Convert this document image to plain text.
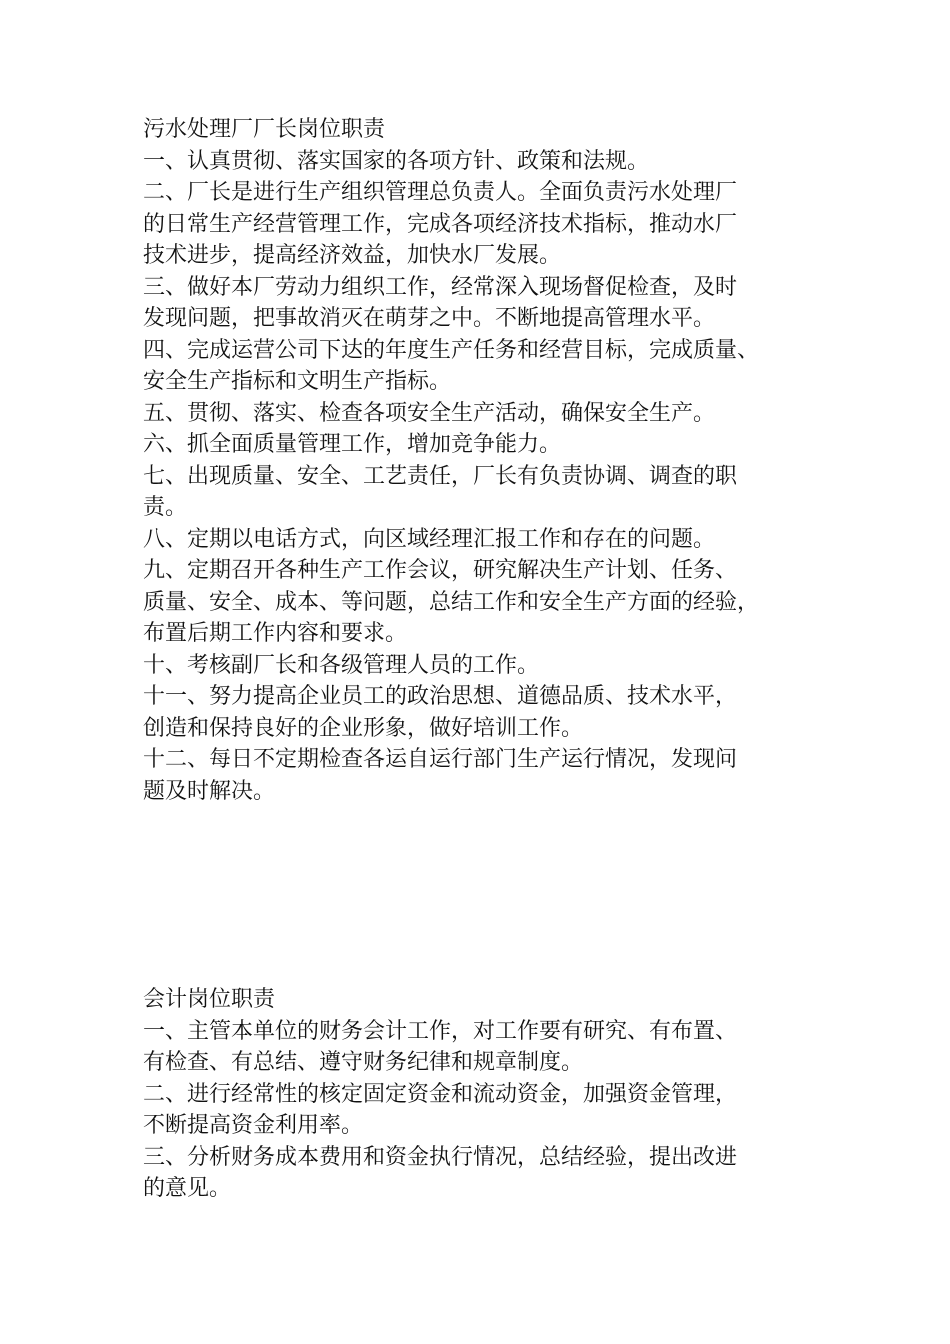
污水处理厂厂长岗位职责
一、认真贯彻、落实国家的各项方针、政策和法规。
二、厂长是进行生产组织管理总负责人。全面负责污水处理厂
的日常生产经营管理工作，完成各项经济技术指标，推动水厂
技术进步，提高经济效益，加快水厂发展。
三、做好本厂劳动力组织工作，经常深入现场督促检查，及时
发现问题，把事故消灭在萌芽之中。不断地提高管理水平。
四、完成运营公司下达的年度生产任务和经营目标，完成质量、
安全生产指标和文明生产指标。
五、贯彻、落实、检查各项安全生产活动，确保安全生产。
六、抓全面质量管理工作，增加竞争能力。
七、出现质量、安全、工艺责任，厂长有负责协调、调查的职
责。
八、定期以电话方式，向区域经理汇报工作和存在的问题。
九、定期召开各种生产工作会议，研究解决生产计划、任务、
质量、安全、成本、等问题，总结工作和安全生产方面的经验，
布置后期工作内容和要求。
十、考核副厂长和各级管理人员的工作。
十一、努力提高企业员工的政治思想、道德品质、技术水平，
创造和保持良好的企业形象，做好培训工作。
十二、每日不定期检查各运自运行部门生产运行情况，发现问
题及时解决。
会计岗位职责
一、主管本单位的财务会计工作，对工作要有研究、有布置、
有检查、有总结、遵守财务纪律和规章制度。
二、进行经常性的核定固定资金和流动资金，加强资金管理，
不断提高资金利用率。
三、分析财务成本费用和资金执行情况，总结经验，提出改进
的意见。
